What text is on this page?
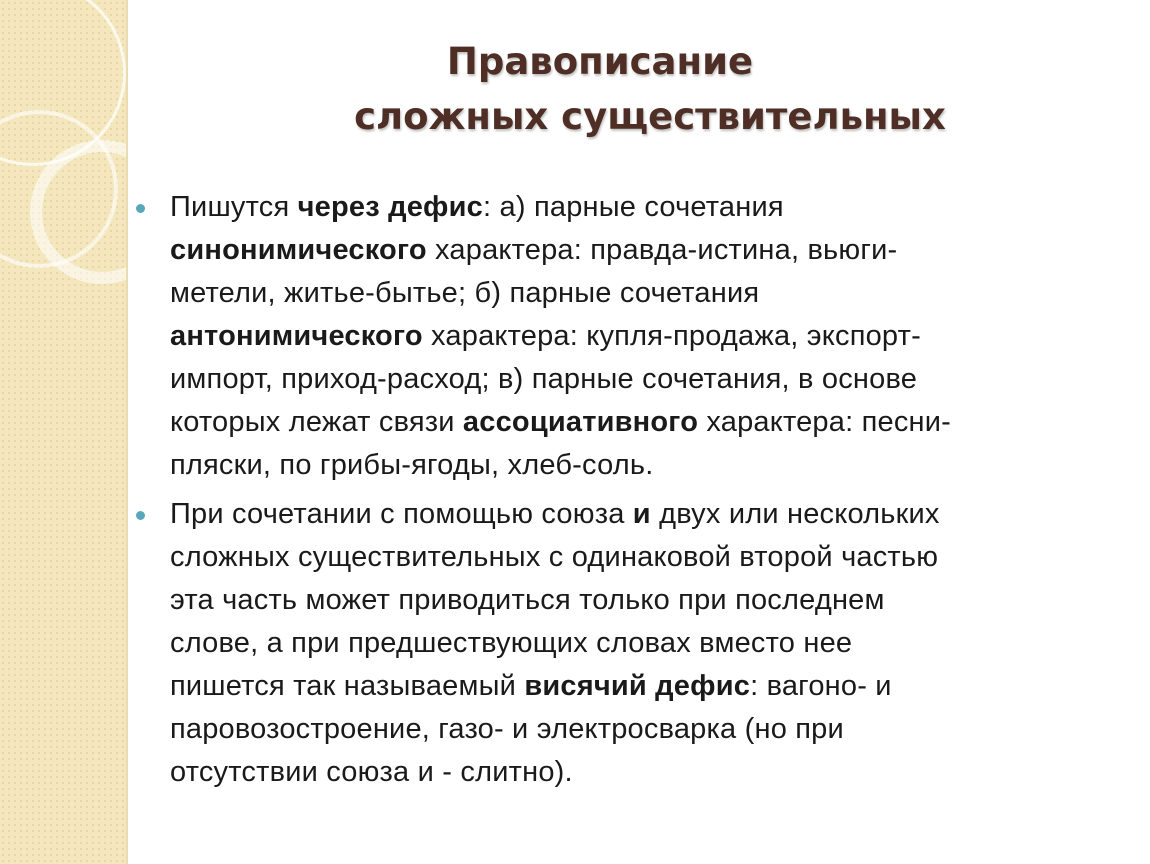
Правописание
сложных существительных
Пишутся через дефис: а) парные сочетания
синонимического характера: правда-истина, вьюги-
метели, житье-бытье; б) парные сочетания
антонимического характера: купля-продажа, экспорт-
импорт, приход-расход; в) парные сочетания, в основе
которых лежат связи ассоциативного характера: песни-
пляски, по грибы-ягоды, хлеб-соль.
При сочетании с помощью союза и двух или нескольких
сложных существительных с одинаковой второй частью
эта часть может приводиться только при последнем
слове, а при предшествующих словах вместо нее
пишется так называемый висячий дефис: вагоно- и
паровозостроение, газо- и электросварка (но при
отсутствии союза и - слитно).
